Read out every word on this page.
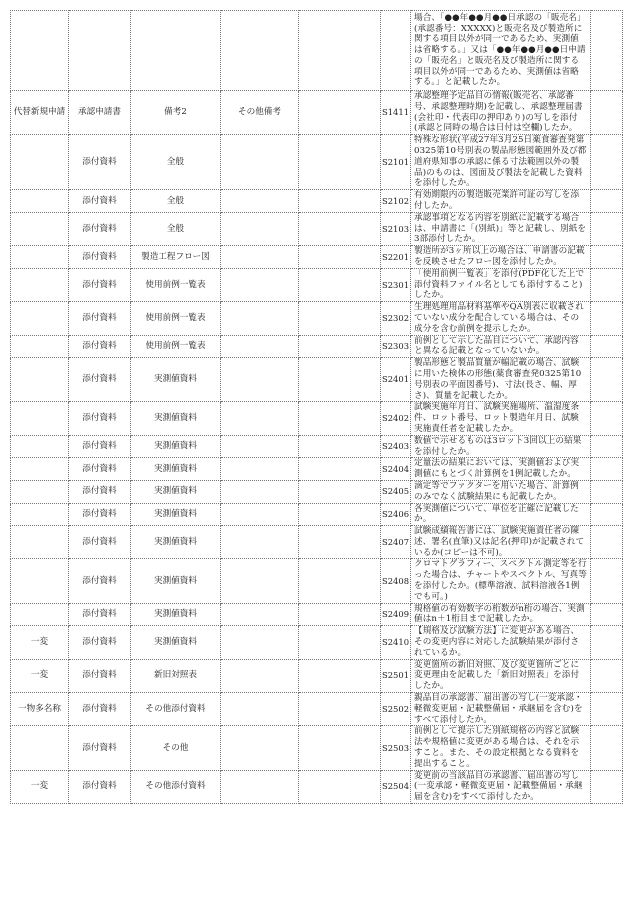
						場合、「●●年●●月●●日承認の「販売名」(承認番号：XXXXX)と販売名及び製造所に関する項目以外が同一であるため、実測値は省略する。」又は「●●年●●月●●日申請の「販売名」と販売名及び製造所に関する項目以外が同一であるため、実測値は省略する。」と記載したか。	
代替新規申請	承認申請書	備考2	その他備考		S1411	承認整理予定品目の情報(販売名、承認番号、承認整理時期)を記載し、承認整理届書(会社印・代表印の押印あり)の写しを添付(承認と同時の場合は日付は空欄)したか。	
	添付資料	全般			S2101	特殊な形状(平成27年3月25日薬食審査発第0325第10号別表の製品形態図範囲外及び都道府県知事の承認に係る寸法範囲以外の製品)のものは、図面及び製法を記載した資料を添付したか。	
	添付資料	全般			S2102	有効期限内の製造販売業許可証の写しを添付したか。	
	添付資料	全般			S2103	承認事項となる内容を別紙に記載する場合は、申請書に「(別紙)」等と記載し、別紙を3部添付したか。	
	添付資料	製造工程フロー図			S2201	製造所が3ヶ所以上の場合は、申請書の記載を反映させたフロー図を添付したか。	
	添付資料	使用前例一覧表			S2301	「使用前例一覧表」を添付(PDF化した上で添付資料ファイル名としても添付すること)したか。	
	添付資料	使用前例一覧表			S2302	生理処理用品材料基準やQA別表に収載されていない成分を配合している場合は、その成分を含む前例を提示したか。	
	添付資料	使用前例一覧表			S2303	前例として示した品目について、承認内容と異なる記載となっていないか。	
	添付資料	実測値資料			S2401	製品形態と製品質量が幅記載の場合、試験に用いた検体の形態(薬食審査発0325第10号別表の平面図番号)、寸法(長さ、幅、厚さ)、質量を記載したか。	
	添付資料	実測値資料			S2402	試験実施年月日、試験実施場所、温湿度条件、ロット番号、ロット製造年月日、試験実施責任者を記載したか。	
	添付資料	実測値資料			S2403	数値で示せるものは3ロット3回以上の結果を添付したか。	
	添付資料	実測値資料			S2404	定量法の結果においては、実測値および実測値にもとづく計算例を1例記載したか。	
	添付資料	実測値資料			S2405	滴定等でファクターを用いた場合、計算例のみでなく試験結果にも記載したか。	
	添付資料	実測値資料			S2406	各実測値について、単位を正確に記載したか。	
	添付資料	実測値資料			S2407	試験成績報告書には、試験実施責任者の陳述、署名(直筆)又は記名(押印)が記載されているか(コピーは不可)。	
	添付資料	実測値資料			S2408	クロマトグラフィー、スペクトル測定等を行った場合は、チャートやスペクトル、写真等を添付したか。(標準溶液、試料溶液各1例でも可。)	
	添付資料	実測値資料			S2409	規格値の有効数字の桁数がn桁の場合、実測値はn＋1桁目まで記載したか。	
一変	添付資料	実測値資料			S2410	【規格及び試験方法】に変更がある場合、その変更内容に対応した試験結果が添付されているか。	
一変	添付資料	新旧対照表			S2501	変更箇所の新旧対照、及び変更箇所ごとに変更理由を記載した「新旧対照表」を添付したか。	
一物多名称	添付資料	その他添付資料			S2502	親品目の承認書、届出書の写し(一変承認・軽微変更届・記載整備届・承継届を含む)をすべて添付したか。	
	添付資料	その他			S2503	前例として提示した別紙規格の内容と試験法や規格値に変更がある場合は、それを示すこと。また、その設定根拠となる資料を提出すること。	
一変	添付資料	その他添付資料			S2504	変更前の当該品目の承認書、届出書の写し(一変承認・軽微変更届・記載整備届・承継届を含む)をすべて添付したか。	
